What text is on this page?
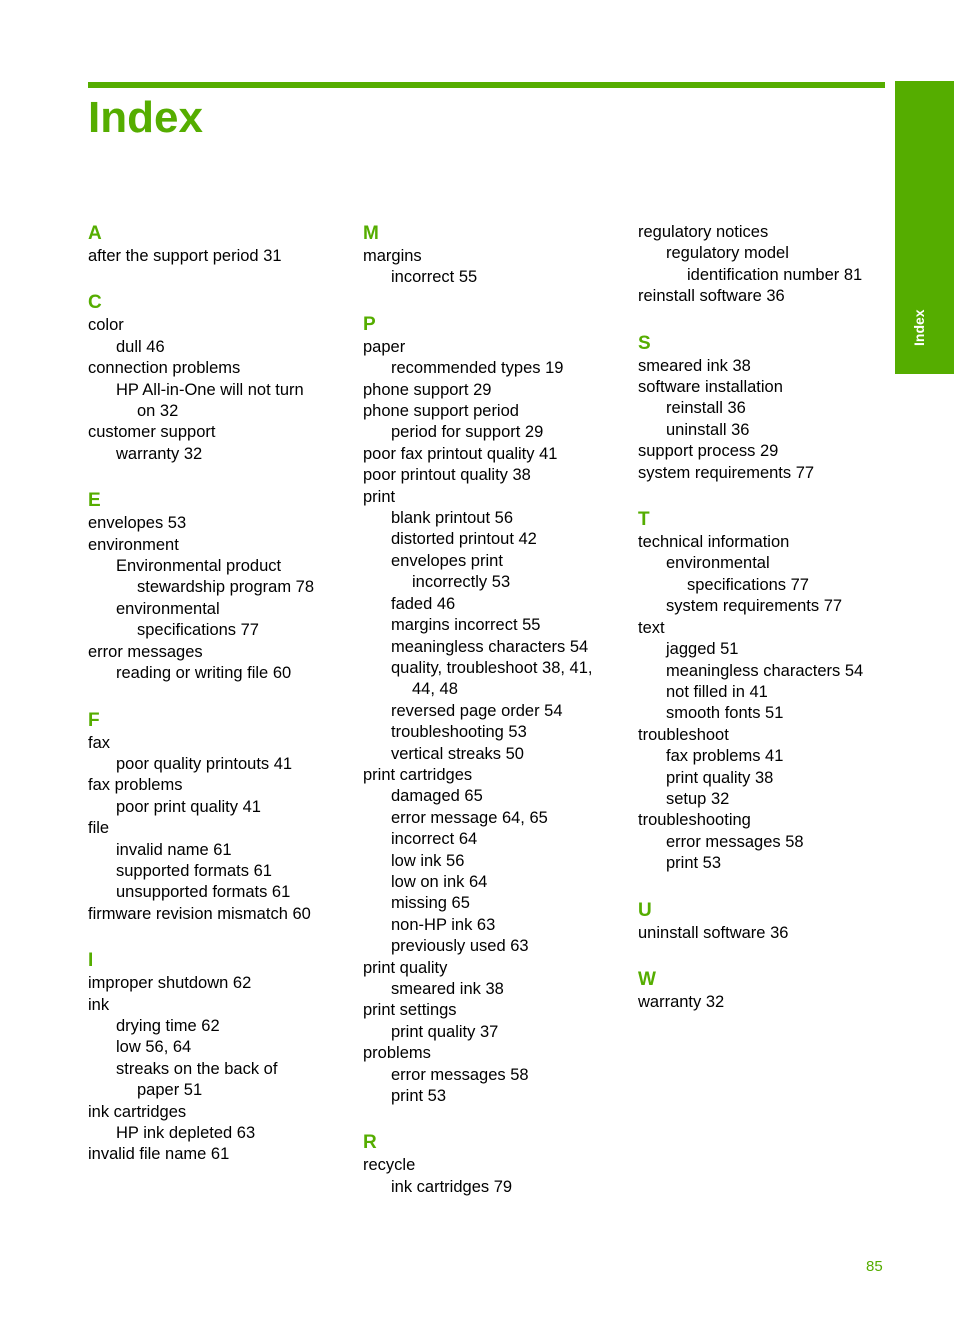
Index
Index
A
after the support period 31
C
color
dull 46
connection problems
HP All-in-One will not turn
on 32
customer support
warranty 32
E
envelopes 53
environment
Environmental product
stewardship program 78
environmental
specifications 77
error messages
reading or writing file 60
F
fax
poor quality printouts 41
fax problems
poor print quality 41
file
invalid name 61
supported formats 61
unsupported formats 61
firmware revision mismatch 60
I
improper shutdown 62
ink
drying time 62
low 56, 64
streaks on the back of
paper 51
ink cartridges
HP ink depleted 63
invalid file name 61
M
margins
incorrect 55
P
paper
recommended types 19
phone support 29
phone support period
period for support 29
poor fax printout quality 41
poor printout quality 38
print
blank printout 56
distorted printout 42
envelopes print
incorrectly 53
faded 46
margins incorrect 55
meaningless characters 54
quality, troubleshoot 38, 41,
44, 48
reversed page order 54
troubleshooting 53
vertical streaks 50
print cartridges
damaged 65
error message 64, 65
incorrect 64
low ink 56
low on ink 64
missing 65
non-HP ink 63
previously used 63
print quality
smeared ink 38
print settings
print quality 37
problems
error messages 58
print 53
R
recycle
ink cartridges 79
regulatory notices
regulatory model
identification number 81
reinstall software 36
S
smeared ink 38
software installation
reinstall 36
uninstall 36
support process 29
system requirements 77
T
technical information
environmental
specifications 77
system requirements 77
text
jagged 51
meaningless characters 54
not filled in 41
smooth fonts 51
troubleshoot
fax problems 41
print quality 38
setup 32
troubleshooting
error messages 58
print 53
U
uninstall software 36
W
warranty 32
85
